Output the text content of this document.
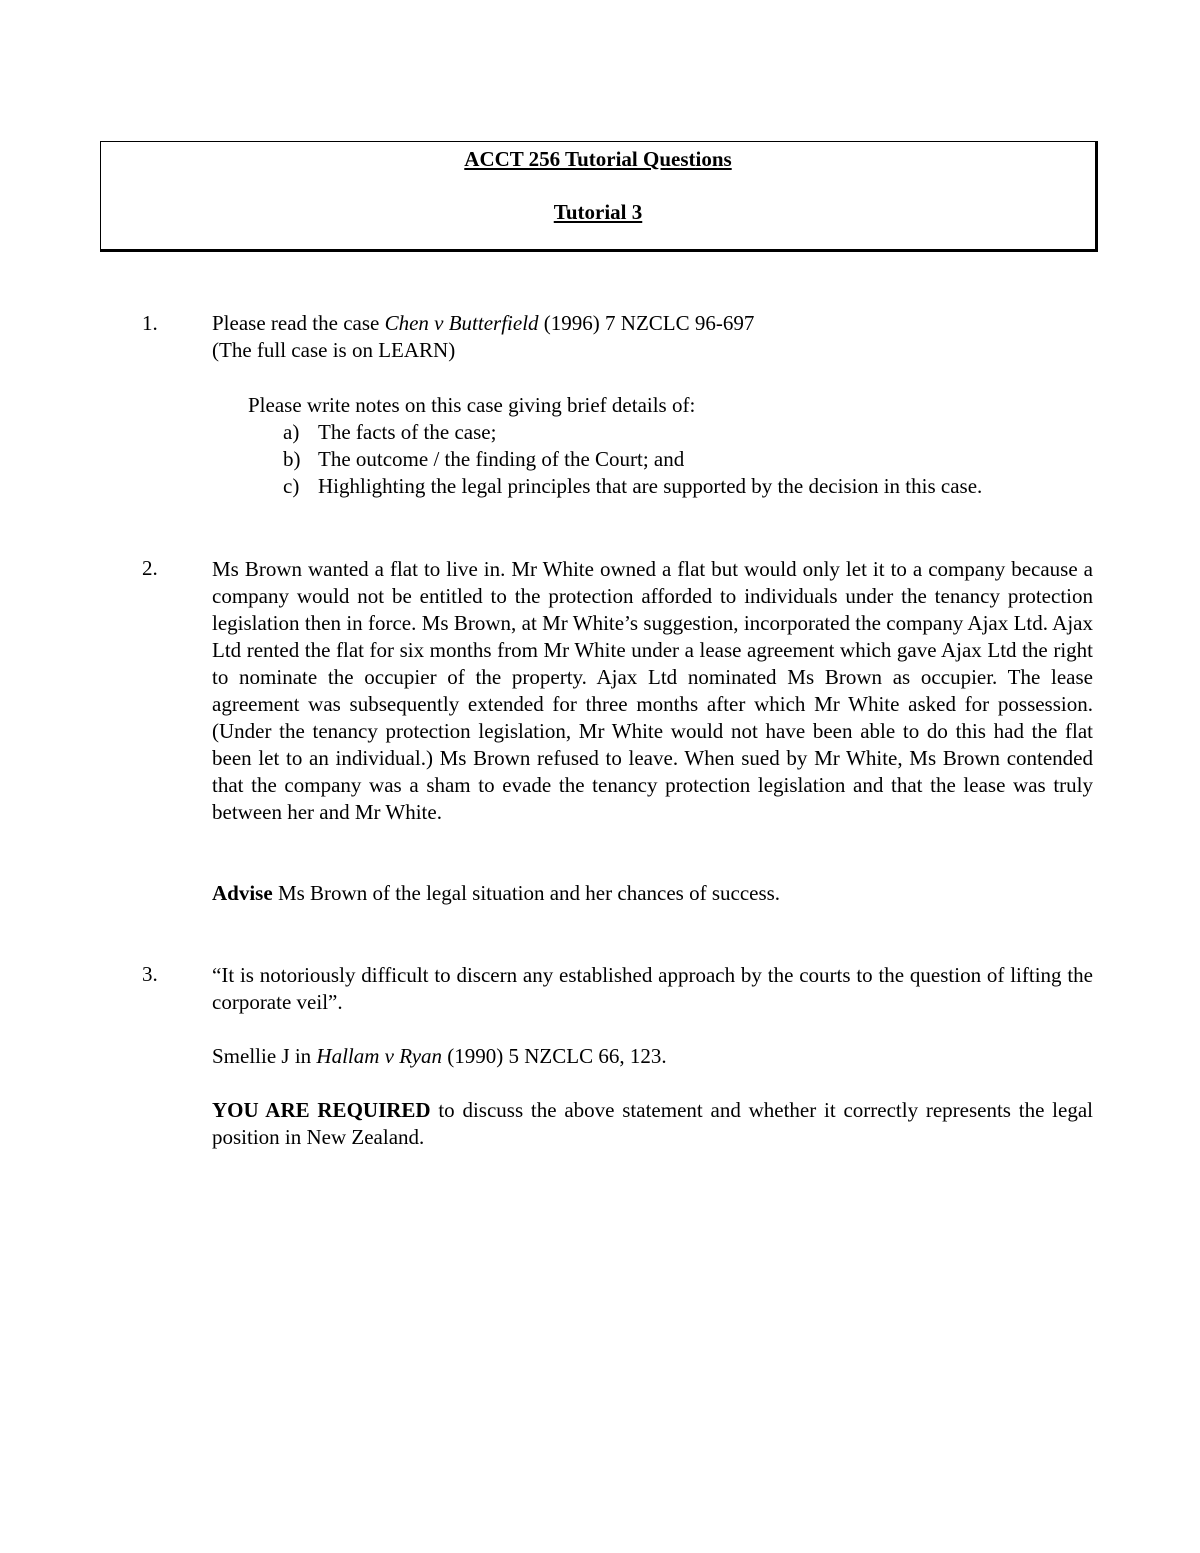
ACCT 256 Tutorial Questions
Tutorial 3
1.	Please read the case Chen v Butterfield (1996) 7 NZCLC 96-697
(The full case is on LEARN)
Please write notes on this case giving brief details of:
a) The facts of the case;
b) The outcome / the finding of the Court; and
c) Highlighting the legal principles that are supported by the decision in this case.
2.	Ms Brown wanted a flat to live in. Mr White owned a flat but would only let it to a company because a company would not be entitled to the protection afforded to individuals under the tenancy protection legislation then in force. Ms Brown, at Mr White’s suggestion, incorporated the company Ajax Ltd. Ajax Ltd rented the flat for six months from Mr White under a lease agreement which gave Ajax Ltd the right to nominate the occupier of the property. Ajax Ltd nominated Ms Brown as occupier. The lease agreement was subsequently extended for three months after which Mr White asked for possession. (Under the tenancy protection legislation, Mr White would not have been able to do this had the flat been let to an individual.) Ms Brown refused to leave. When sued by Mr White, Ms Brown contended that the company was a sham to evade the tenancy protection legislation and that the lease was truly between her and Mr White.
Advise Ms Brown of the legal situation and her chances of success.
3.	“It is notoriously difficult to discern any established approach by the courts to the question of lifting the corporate veil”.
Smellie J in Hallam v Ryan (1990) 5 NZCLC 66, 123.
YOU ARE REQUIRED to discuss the above statement and whether it correctly represents the legal position in New Zealand.
